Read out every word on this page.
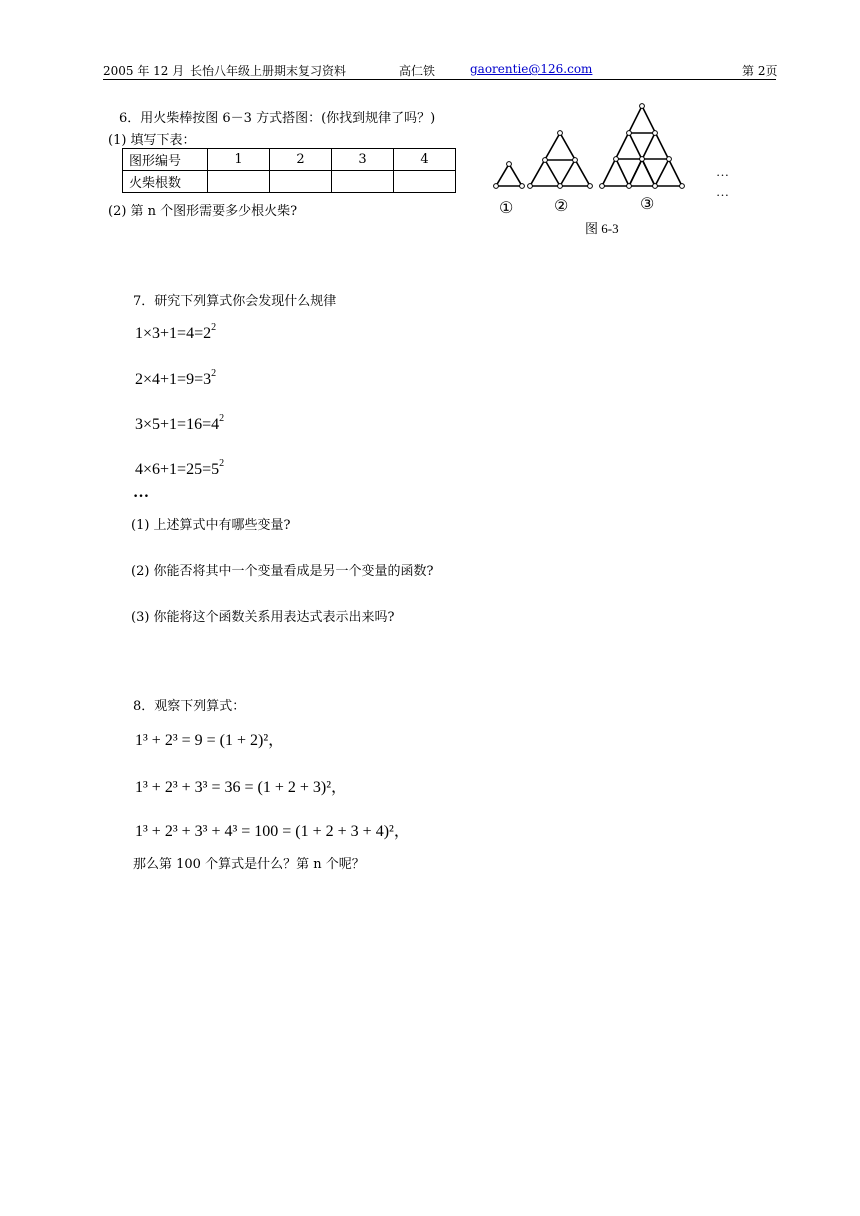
2005 年 12 月 长怡八年级上册期末复习资料	高仁铁	gaorentie@126.com	第 2页
6．用火柴棒按图 6－3 方式搭图：(你找到规律了吗？)
(1) 填写下表：
图形编号	1	2	3	4
火柴根数				
(2) 第 n 个图形需要多少根火柴?	①	②	③
…
…
图 6-3
7．研究下列算式你会发现什么规律
$1\times 3+1=4=2^2$
$2\times 4+1=9=3^2$
$3\times 5+1=16=4^2$
$4\times 6+1=25=5^2$
…
(1) 上述算式中有哪些变量?
(2) 你能否将其中一个变量看成是另一个变量的函数?
(3) 你能将这个函数关系用表达式表示出来吗?
8．观察下列算式：
1³ + 2³ = 9 = (1 + 2)²，
1³ + 2³ + 3³ = 36 = (1 + 2 + 3)²，
1³ + 2³ + 3³ + 4³ = 100 = (1 + 2 + 3 + 4)²，
那么第 100 个算式是什么？第 n 个呢？
